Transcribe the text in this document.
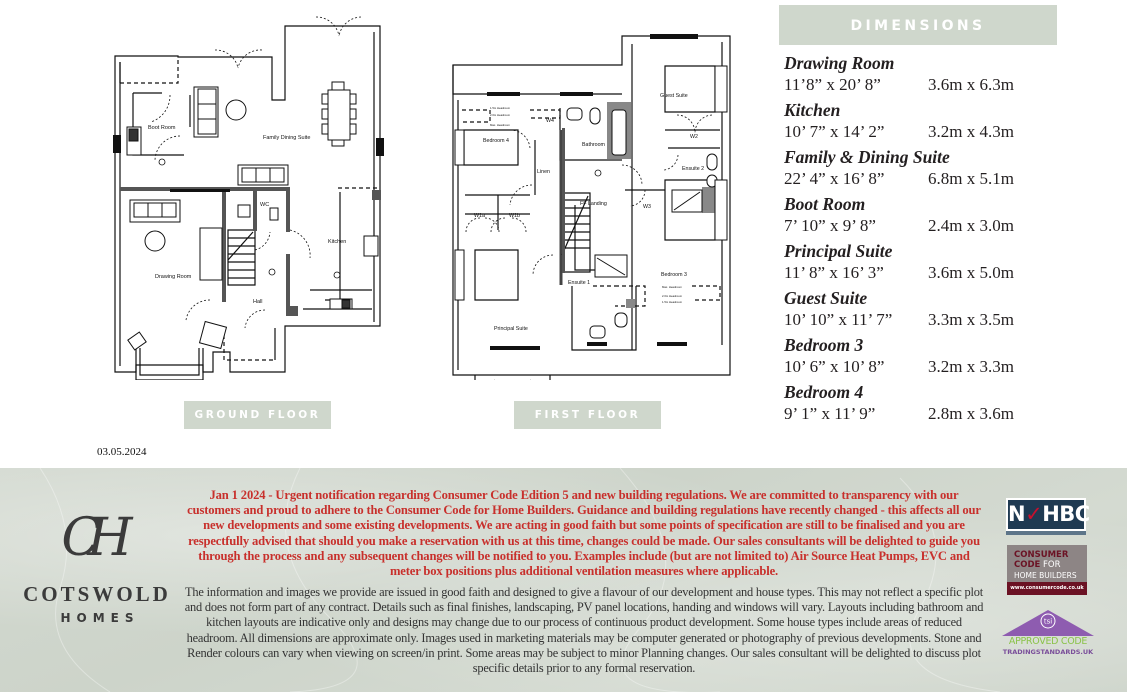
Boot Room
Family Dining Suite
WC
Kitchen
Drawing Room
Hall
Guest Suite
Bedroom 4
W4
Bathroom
W2
Ensuite 2
Linen
FF Landing	W3
W1a	W1b
Ensuite 1
Bedroom 3
Principal Suite
1.5m Headroom
2.0m Headroom
Max. Headroom
Max. Headroom
2.0m Headroom
1.5m Headroom
GROUND FLOOR	FIRST FLOOR
03.05.2024
DIMENSIONS
Drawing Room
11’8” x 20’ 8”	3.6m x 6.3m
Kitchen
10’ 7” x 14’ 2”	3.2m x 4.3m
Family & Dining Suite
22’ 4” x 16’ 8”	6.8m x 5.1m
Boot Room
7’ 10” x 9’ 8”	2.4m x 3.0m
Principal Suite
11’ 8” x 16’ 3”	3.6m x 5.0m
Guest Suite
10’ 10” x 11’ 7”	3.3m x 3.5m
Bedroom 3
10’ 6” x 10’ 8”	3.2m x 3.3m
Bedroom 4
9’ 1” x 11’ 9”	2.8m x 3.6m
CH
COTSWOLD
HOMES
Jan 1 2024 - Urgent notification regarding Consumer Code Edition 5 and new building regulations. We are committed to transparency with our customers and proud to adhere to the Consumer Code for Home Builders. Guidance and building regulations have recently changed - this affects all our new developments and some existing developments. We are acting in good faith but some points of specification are still to be finalised and you are respectfully advised that should you make a reservation with us at this time, changes could be made. Our sales consultants will be delighted to guide you through the process and any subsequent changes will be notified to you. Examples include (but are not limited to) Air Source Heat Pumps, EVC and meter box positions plus additional ventilation measures where applicable.
The information and images we provide are issued in good faith and designed to give a flavour of our development and house types. This may not reflect a specific plot and does not form part of any contract. Details such as final finishes, landscaping, PV panel locations, handing and windows will vary. Layouts including bathroom and kitchen layouts are indicative only and designs may change due to our process of continuous product development. Some house types include areas of reduced headroom. All dimensions are approximate only. Images used in marketing materials may be computer generated or photography of previous developments. Stone and Render colours can vary when viewing on screen/in print. Some areas may be subject to minor Planning changes. Our sales consultant will be delighted to discuss plot specific details prior to any formal reservation.
N✓HBC
CONSUMER
CODE FOR
HOME BUILDERS
www.consumercode.co.uk
tsi
APPROVED CODE
TRADINGSTANDARDS.UK
